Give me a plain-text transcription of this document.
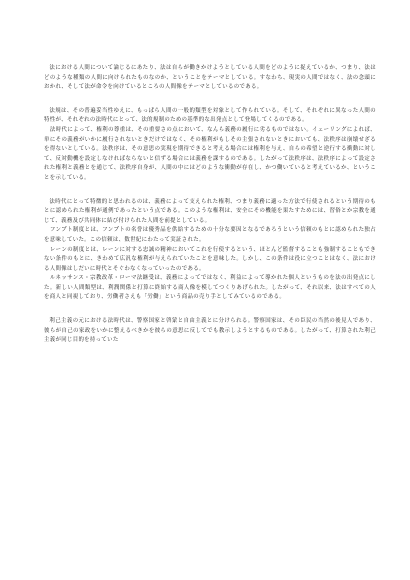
法における人間について論じるにあたり、法は自らが働きかけようとしている人間をどのように捉えているか、つまり、法はどのような種類の人間に向けられたものなのか、ということをテーマとしている。すなわち、現実の人間ではなく、法の念頭におかれ、そして法が命令を向けているところの人間像をテーマとしているのである。

法規は、その普遍妥当性ゆえに、もっぱら人間の一般的類型を対象として作られている。そして、それぞれに異なった人間の特性が、それぞれの法時代にとって、法的規制のための基準的な出発点として登場してくるのである。
　法時代によって、権利の尊重は、その重要さの点において、なんら義務の履行に劣るものではない。イェーリングによれば、単にその義務がいかに履行されないときだけではなく、その権利がもしその主張されないときにおいても、法秩序は崩壊せざるを得ないとしている。法秩序は、その意思の実現を期待できると考える場合には権利を与え、自らの希望と逆行する衝動に対して、反対動機を設定しなければならないと信ずる場合には義務を課するのである。したがって法秩序は、法秩序によって設定された権利と義務とを通じて、法秩序自身が、人間の中にはどのような衝動が存在し、かつ働いていると考えているか、ということを示している。

法時代にとって特徴的と思われるのは、義務によって支えられた権利、つまり義務に適った方法で行使されるという期待のもとに認められた権利が通例であったという点である。このような権利は、安全にその機能を果たすためには、習俗とか宗教を通じて、義務及び共同体に結び付けられた人間を前提としている。
　フンプト制度とは、フンプトの名誉は優秀品を供給するための十分な要因となるであろうという信頼のもとに認められた独占を意味していた。この信頼は、数世紀にわたって実証された。
　レーンの制度とは、レーンに対する忠誠の精神においてこれを行使するという、ほとんど監督することも強制することもできない条件のもとに、きわめて広汎な権利が与えられていたことを意味した。しかし、この条件は役に立つことはなく、法における人間像はしだいに時代とそぐわなくなっていったのである。
　ルネッサンス・宗教改革・ローマ法継受は、義務によってではなく、利益によって導かれた個人というものを法の出発点にした。新しい人間類型は、利潤関係と打算に終始する商人像を模してつくりあげられた。したがって、それ以来、法はすべての人を商人と同視しており、労働者さえも「労働」という商品の売り手としてみているのである。

利己主義の元における法時代は、警察国家と啓蒙と自由主義とに分けられる。警察国家は、その臣民の当然の後見人であり、彼らが自己の家政をいかに整えるべきかを彼らの意思に反してでも教示しようとするものである。したがって、打算された利己主義が同じ目的を持っていた
